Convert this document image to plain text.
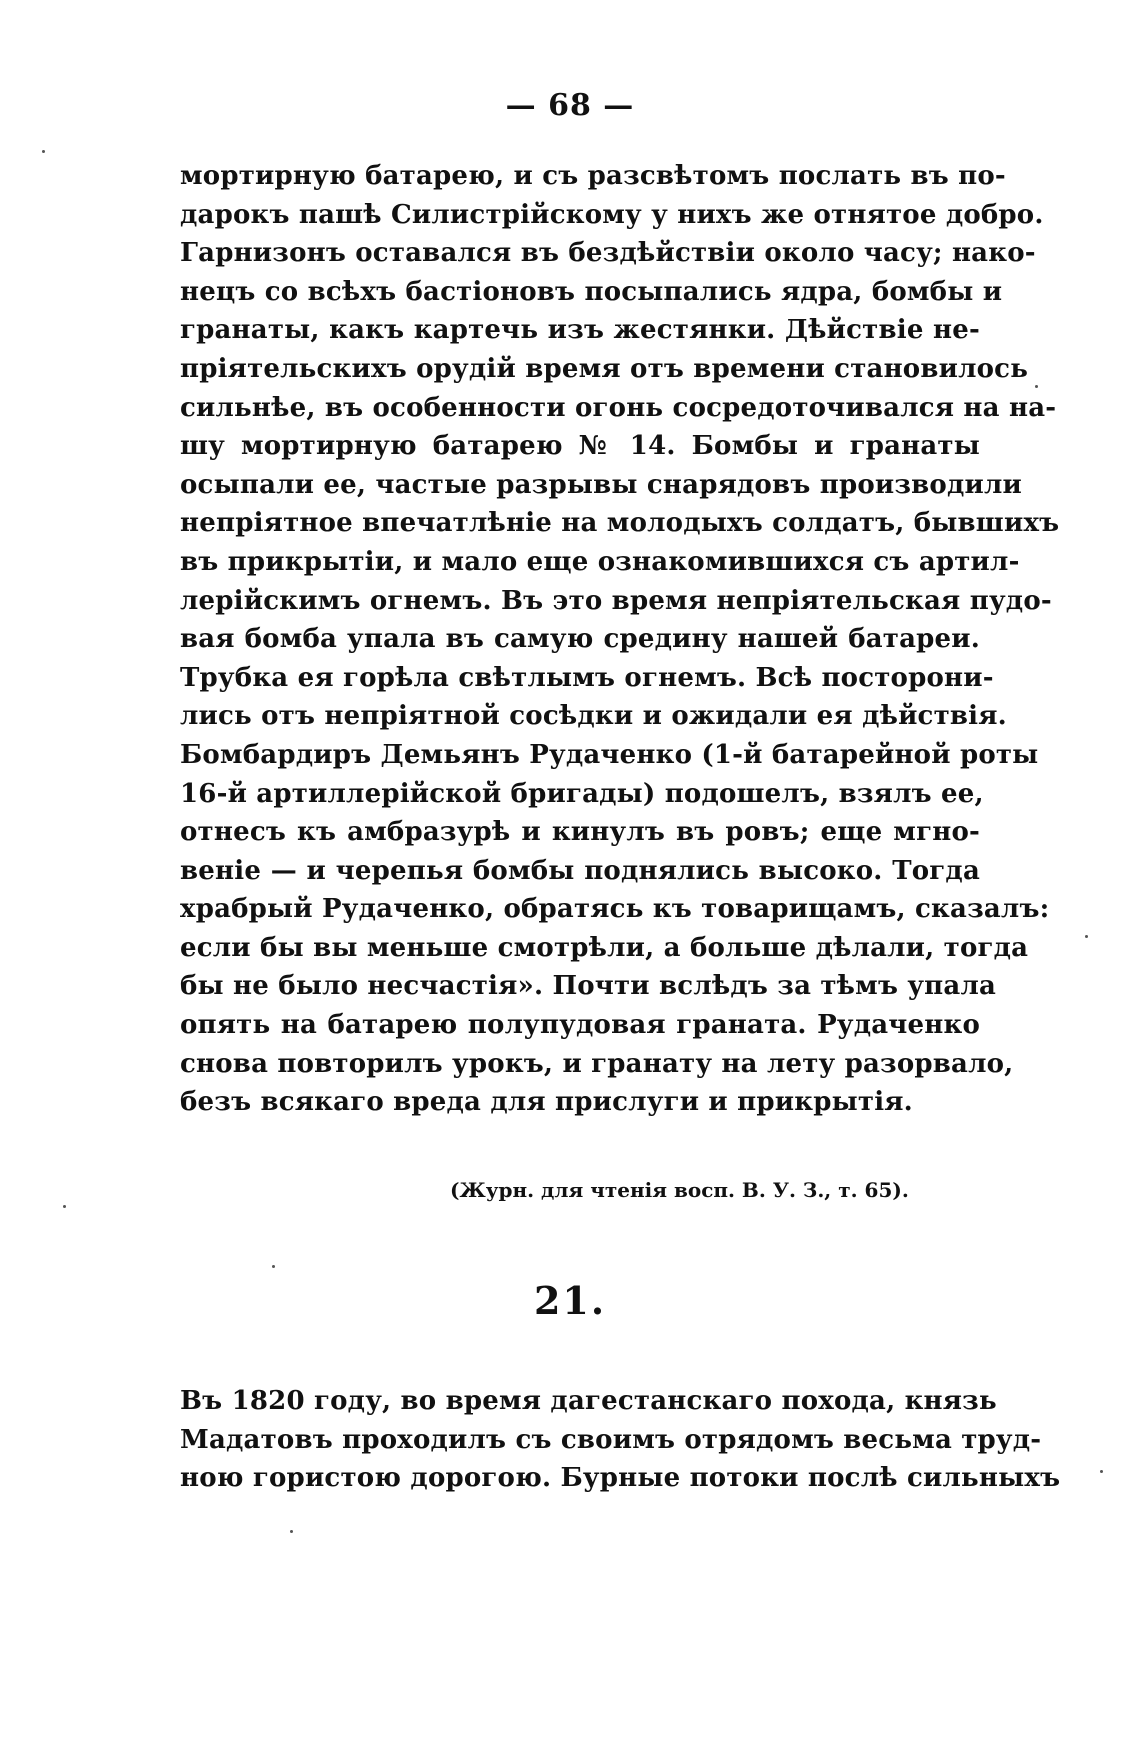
— 68 —
мортирную батарею, и съ разсвѣтомъ послать въ по-
дарокъ пашѣ Силистрійскому у нихъ же отнятое добро.
Гарнизонъ оставался въ бездѣйствіи около часу; нако-
нецъ со всѣхъ бастіоновъ посыпались ядра, бомбы и
гранаты, какъ картечь изъ жестянки. Дѣйствіе не-
пріятельскихъ орудій время отъ времени становилось
сильнѣе, въ особенности огонь сосредоточивался на на-
шу мортирную батарею № 14. Бомбы и гранаты
осыпали ее, частые разрывы снарядовъ производили
непріятное впечатлѣніе на молодыхъ солдатъ, бывшихъ
въ прикрытіи, и мало еще ознакомившихся съ артил-
лерійскимъ огнемъ. Въ это время непріятельская пудо-
вая бомба упала въ самую средину нашей батареи.
Трубка ея горѣла свѣтлымъ огнемъ. Всѣ посторони-
лись отъ непріятной сосѣдки и ожидали ея дѣйствія.
Бомбардиръ Демьянъ Рудаченко (1-й батарейной роты
16-й артиллерійской бригады) подошелъ, взялъ ее,
отнесъ къ амбразурѣ и кинулъ въ ровъ; еще мгно-
веніе — и черепья бомбы поднялись высоко. Тогда
храбрый Рудаченко, обратясь къ товарищамъ, сказалъ:
если бы вы меньше смотрѣли, а больше дѣлали, тогда
бы не было несчастія». Почти вслѣдъ за тѣмъ упала
опять на батарею полупудовая граната. Рудаченко
снова повторилъ урокъ, и гранату на лету разорвало,
безъ всякаго вреда для прислуги и прикрытія.
(Журн. для чтенія восп. В. У. З., т. 65).
21.
Въ 1820 году, во время дагестанскаго похода, князь
Мадатовъ проходилъ съ своимъ отрядомъ весьма труд-
ною гористою дорогою. Бурные потоки послѣ сильныхъ
